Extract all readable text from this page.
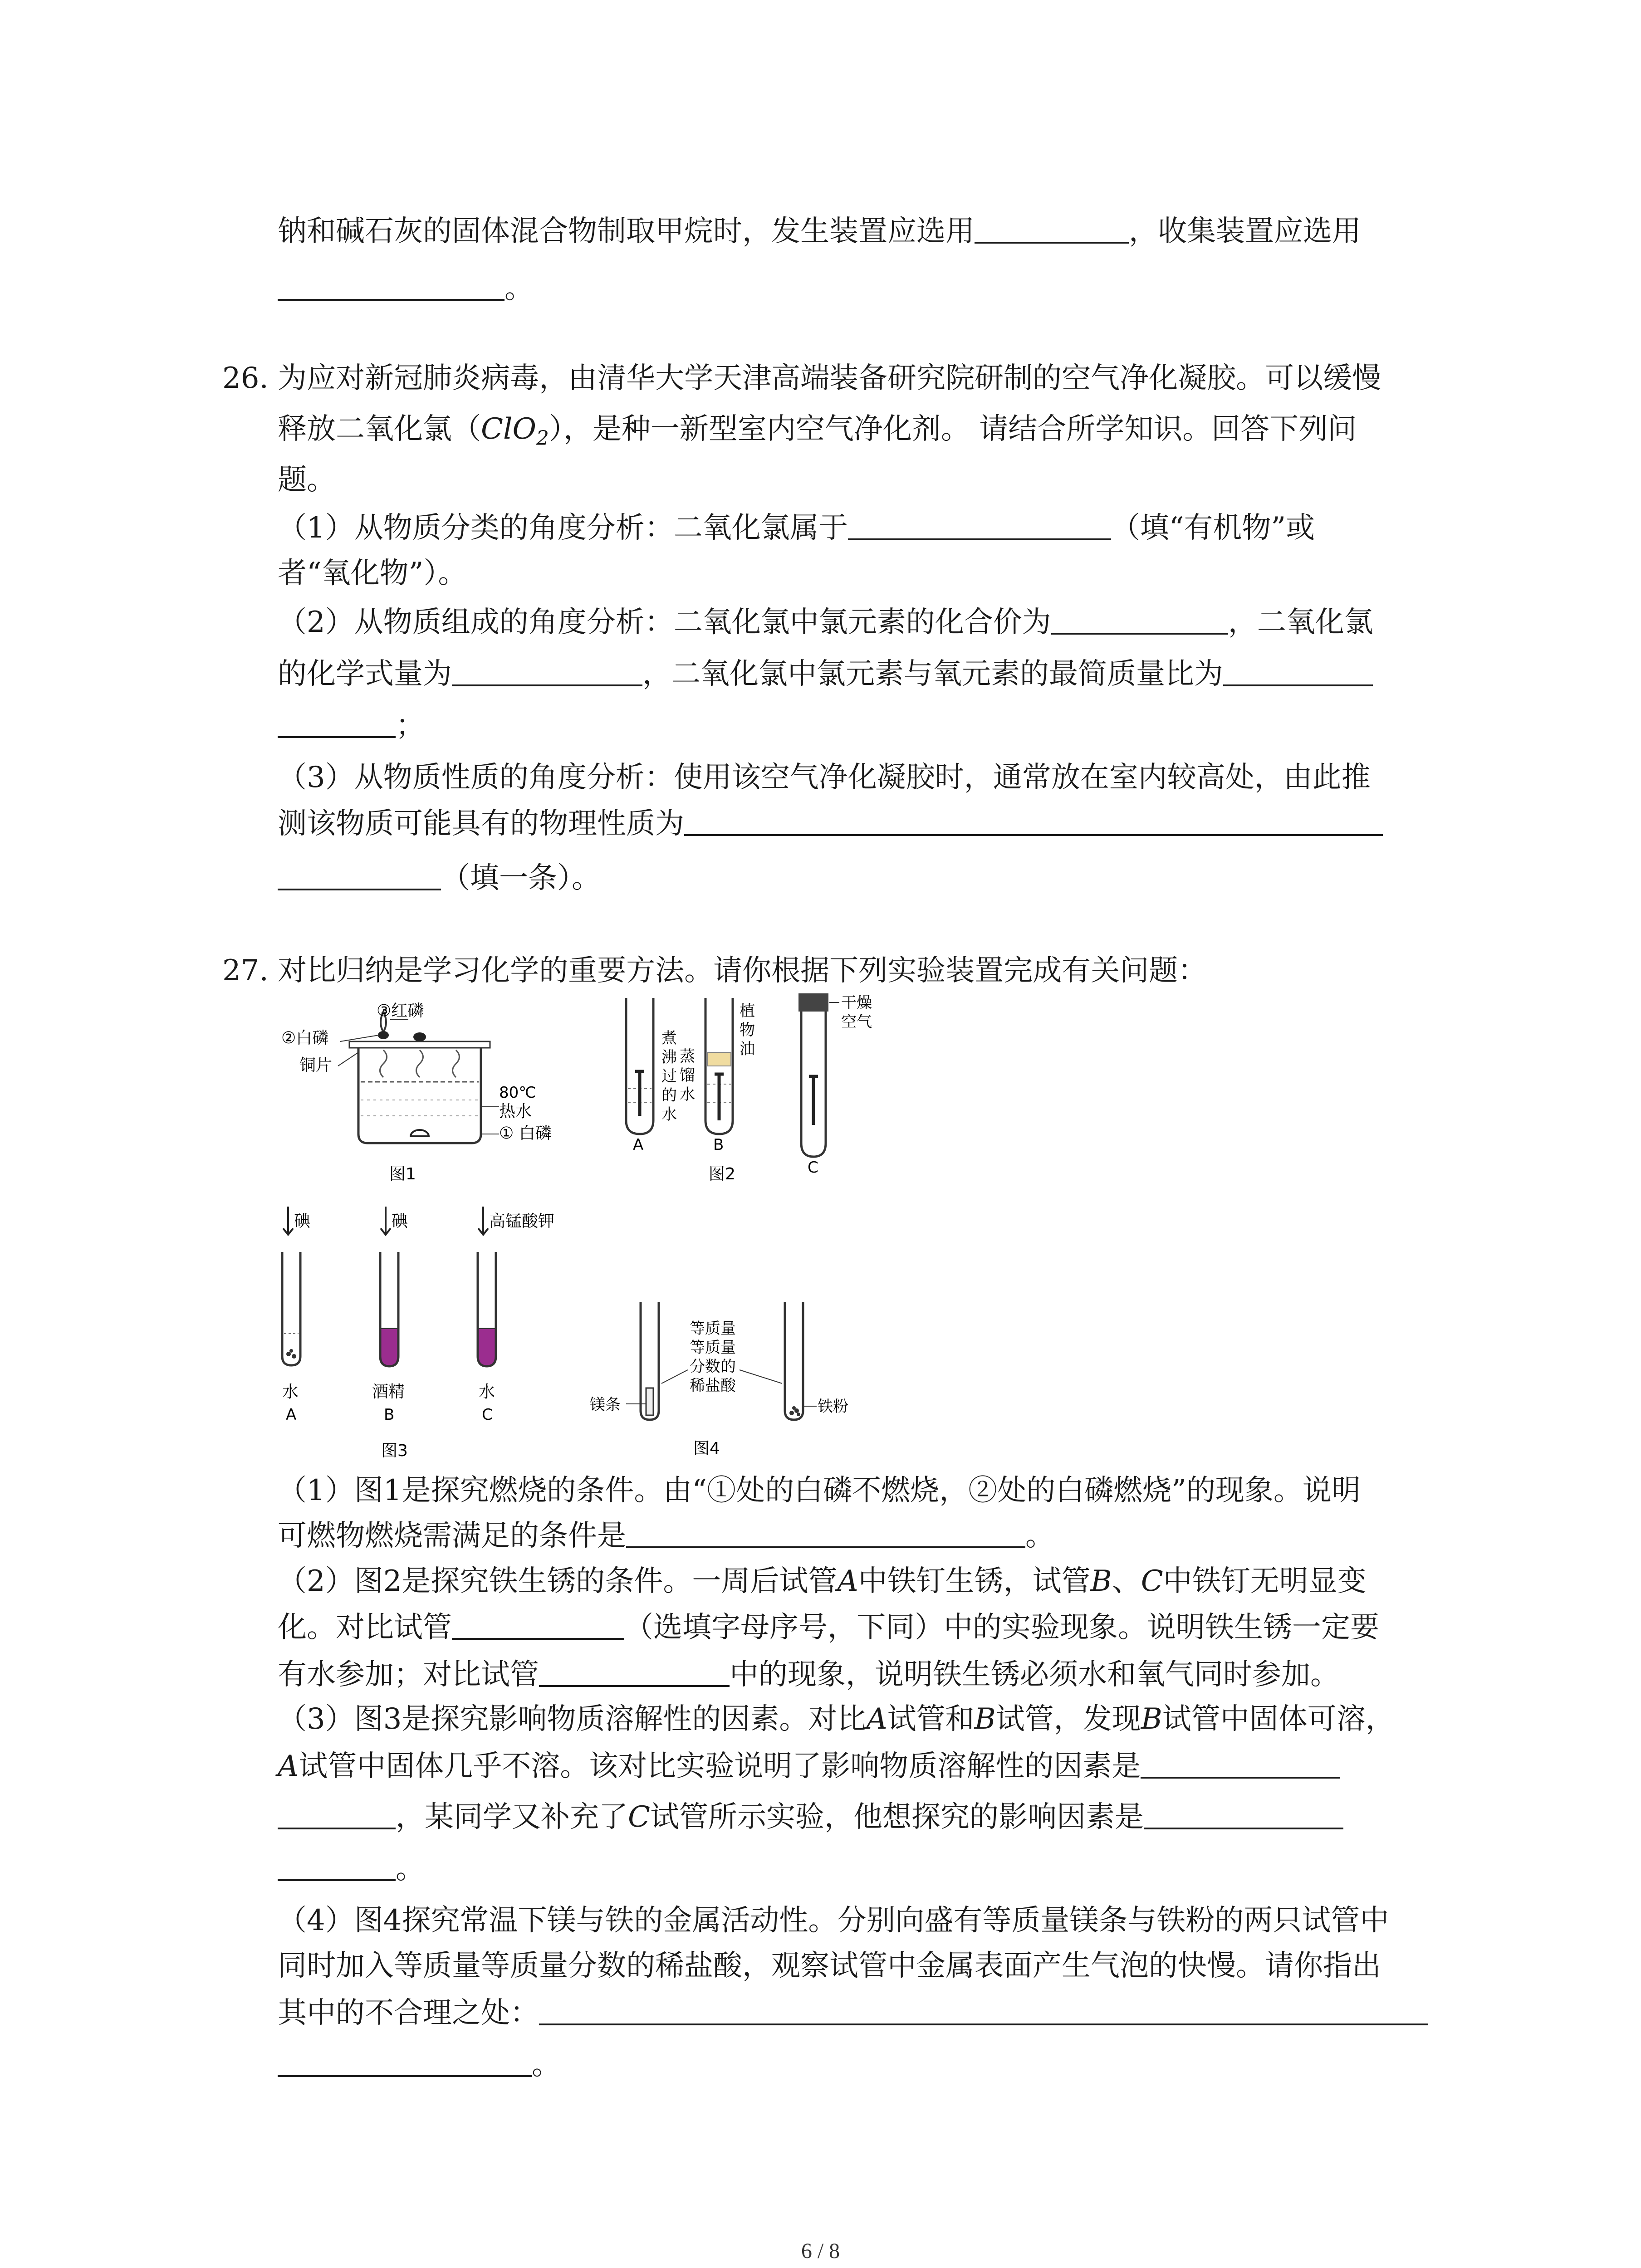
钠和碱石灰的固体混合物制取甲烷时，发生装置应选用	，收集装置应选用
。
26. 为应对新冠肺炎病毒，由清华大学天津高端装备研究院研制的空气净化凝胶。可以缓慢
释放二氧化氯（ClO$_2$），是种一新型室内空气净化剂。 请结合所学知识。回答下列问
题。
（1）从物质分类的角度分析：二氧化氯属于	（填“有机物”或
者“氧化物”）。
（2）从物质组成的角度分析：二氧化氯中氯元素的化合价为	，二氧化氯
的化学式量为	，二氧化氯中氯元素与氧元素的最简质量比为
；
（3）从物质性质的角度分析：使用该空气净化凝胶时，通常放在室内较高处，由此推
测该物质可能具有的物理性质为
（填一条）。
27. 对比归纳是学习化学的重要方法。请你根据下列实验装置完成有关问题：
③红磷
②白磷
铜片
80℃
热水
① 白磷
图1
煮
沸
过
的
水
植
物
油
蒸
馏
水
干燥
空气
A	B
C
图2
碘	碘	高锰酸钾
水	酒精	水
A	B	C
图3
等质量
等质量
分数的
稀盐酸
镁条	铁粉
图4
（1）图1是探究燃烧的条件。由“①处的白磷不燃烧，②处的白磷燃烧”的现象。说明
可燃物燃烧需满足的条件是	。
（2）图2是探究铁生锈的条件。一周后试管A中铁钉生锈，试管B、C中铁钉无明显变
化。对比试管	（选填字母序号，下同）中的实验现象。说明铁生锈一定要
有水参加；对比试管	中的现象，说明铁生锈必须水和氧气同时参加。
（3）图3是探究影响物质溶解性的因素。对比A试管和B试管，发现B试管中固体可溶，
A试管中固体几乎不溶。该对比实验说明了影响物质溶解性的因素是
，某同学又补充了C试管所示实验，他想探究的影响因素是
。
（4）图4探究常温下镁与铁的金属活动性。分别向盛有等质量镁条与铁粉的两只试管中
同时加入等质量等质量分数的稀盐酸，观察试管中金属表面产生气泡的快慢。请你指出
其中的不合理之处：
。
6 / 8
